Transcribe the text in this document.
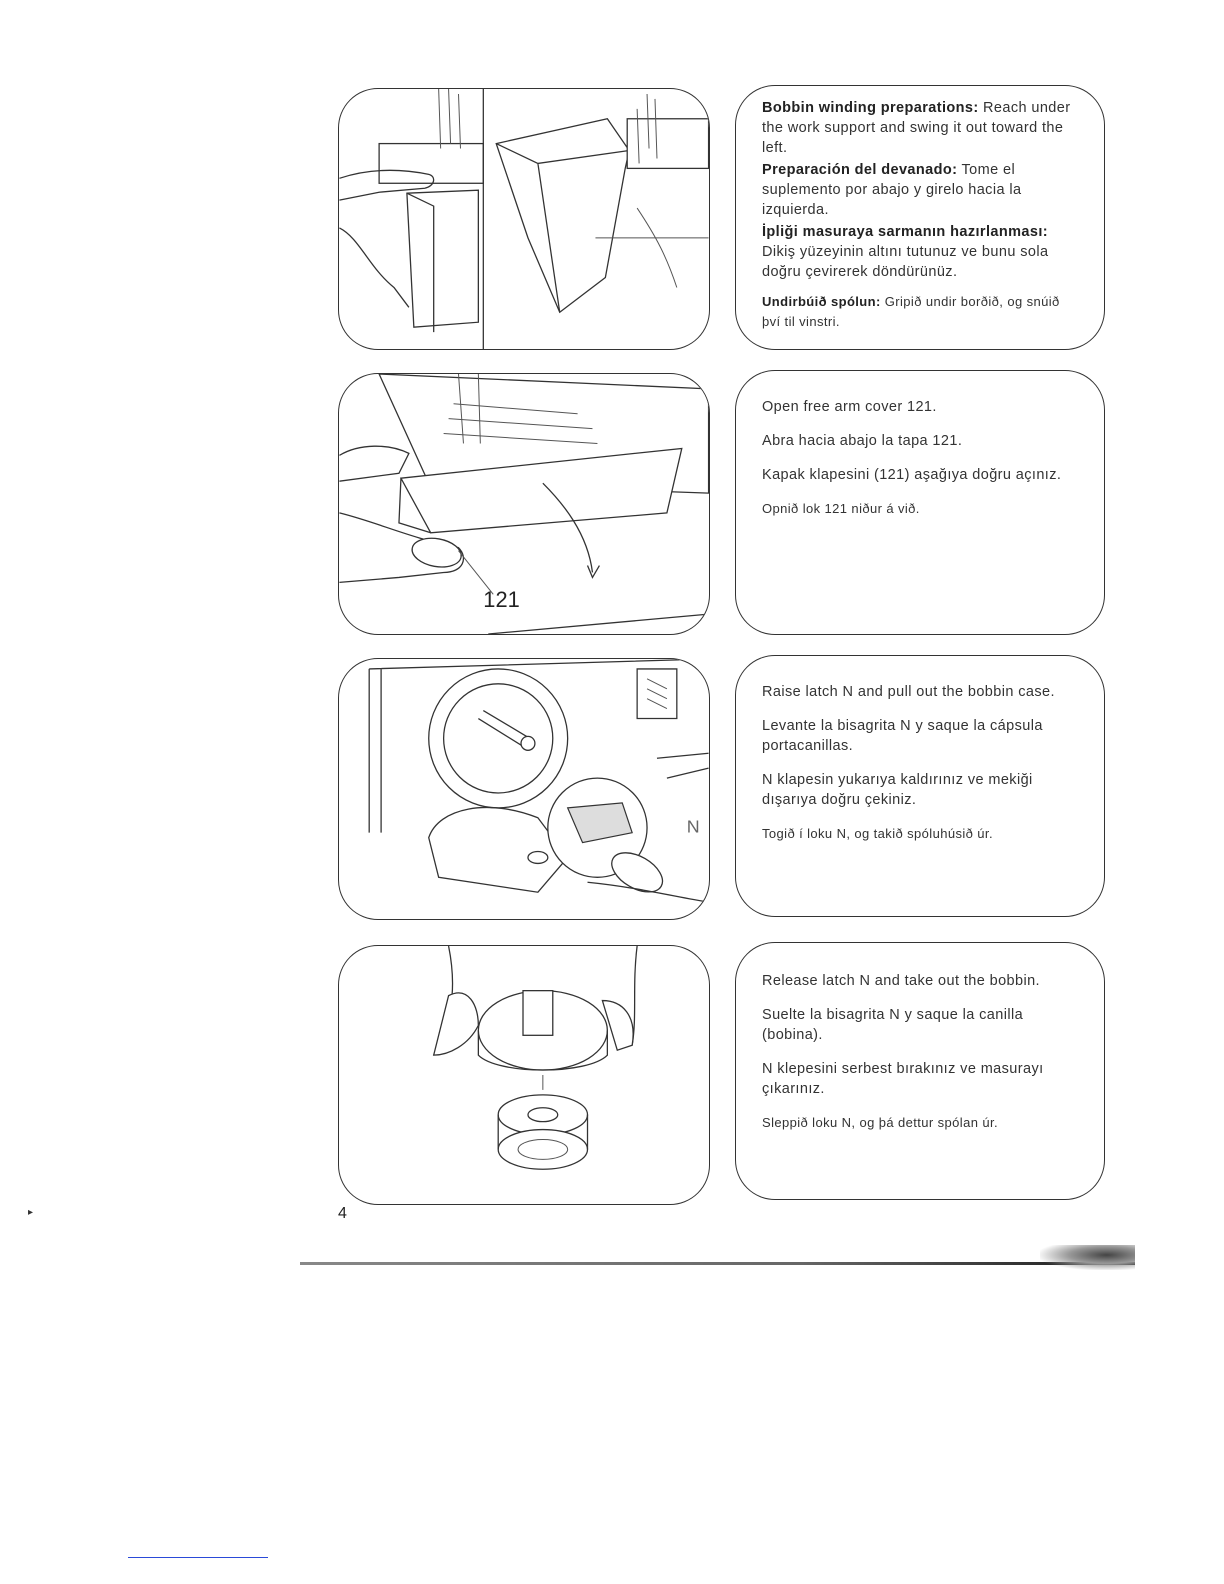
Bobbin winding preparations: Reach under the work support and swing it out toward the left.

Preparación del devanado: Tome el suplemento por abajo y girelo hacia la izquierda.

İpliği masuraya sarmanın hazırlanması: Dikiş yüzeyinin altını tutunuz ve bunu sola doğru çevirerek döndürünüz.

Undirbúið spólun: Gripið undir borðið, og snúið því til vinstri.

121

Open free arm cover 121.

Abra hacia abajo la tapa 121.

Kapak klapesini (121) aşağıya doğru açınız.

Opnið lok 121 niður á við.

N

Raise latch N and pull out the bobbin case.

Levante la bisagrita N y saque la cápsula portacanillas.

N klapesin yukarıya kaldırınız ve mekiği dışarıya doğru çekiniz.

Togið í loku N, og takið spóluhúsið úr.

Release latch N and take out the bobbin.

Suelte la bisagrita N y saque la canilla (bobina).

N klepesini serbest bırakınız ve masurayı çıkarınız.

Sleppið loku N, og þá dettur spólan úr.

4
▸
